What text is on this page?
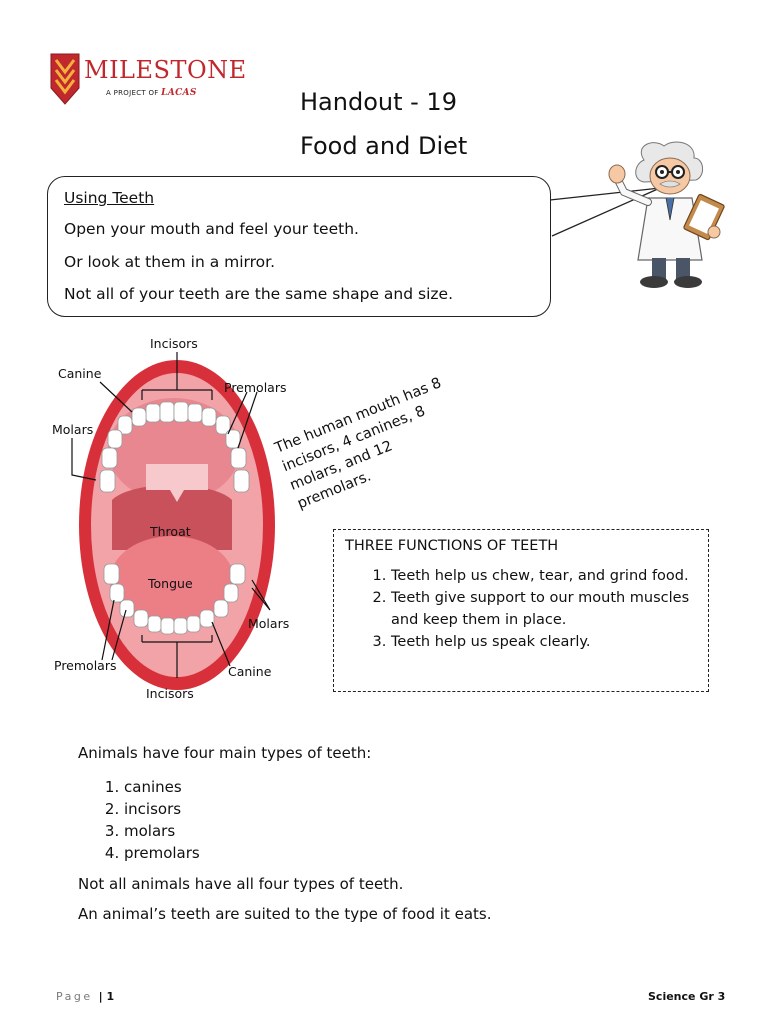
MILESTONE
A PROJECT OF LACAS	Handout - 19
Food and Diet
Using Teeth
Open your mouth and feel your teeth.
Or look at them in a mirror.
Not all of your teeth are the same shape and size.
Incisors
Canine
Premolars
Molars
Throat
Tongue
Molars
Premolars	Canine
Incisors
The human mouth has 8
incisors, 4 canines, 8
molars, and 12
premolars.
THREE FUNCTIONS OF TEETH
1. Teeth help us chew, tear, and grind food.
2. Teeth give support to our mouth muscles and keep them in place.
3. Teeth help us speak clearly.
Animals have four main types of teeth:
1. canines
2. incisors
3. molars
4. premolars
Not all animals have all four types of teeth.
An animal’s teeth are suited to the type of food it eats.
Page | 1	Science Gr 3
